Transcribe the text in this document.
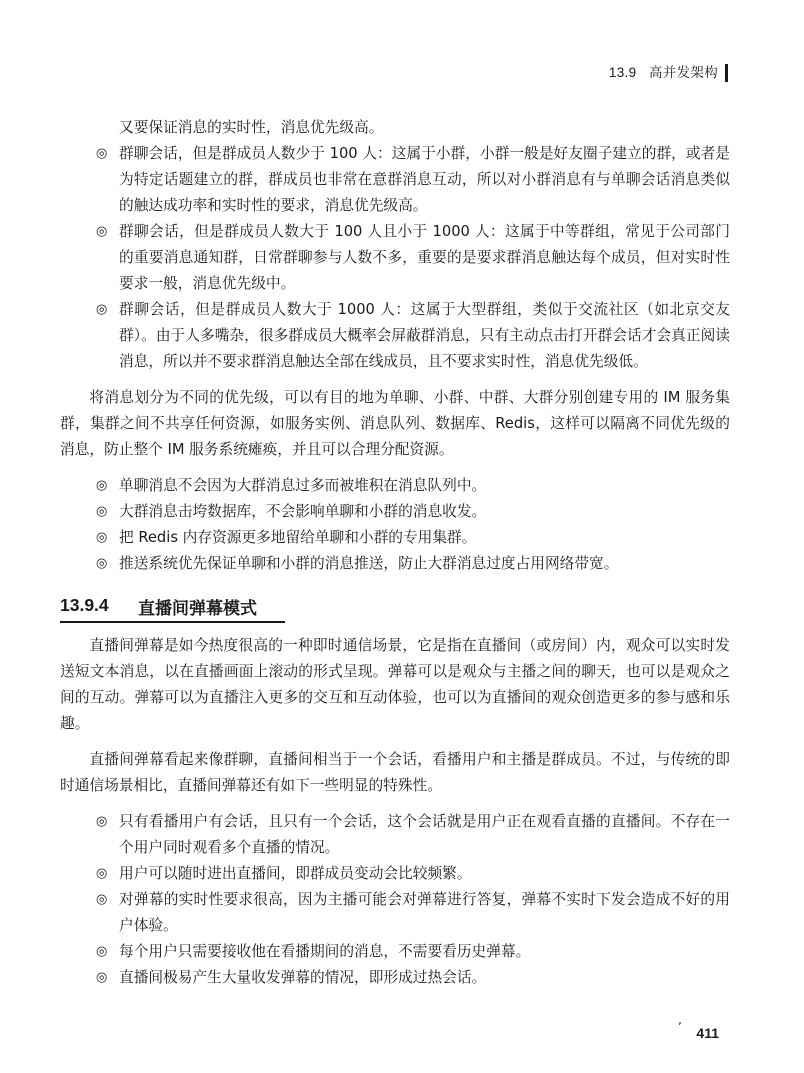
13.9 高并发架构

又要保证消息的实时性，消息优先级高。

◎ 群聊会话，但是群成员人数少于 100 人：这属于小群，小群一般是好友圈子建立的群，或者是为特定话题建立的群，群成员也非常在意群消息互动，所以对小群消息有与单聊会话消息类似的触达成功率和实时性的要求，消息优先级高。
◎ 群聊会话，但是群成员人数大于 100 人且小于 1000 人：这属于中等群组，常见于公司部门的重要消息通知群，日常群聊参与人数不多，重要的是要求群消息触达每个成员，但对实时性要求一般，消息优先级中。
◎ 群聊会话，但是群成员人数大于 1000 人：这属于大型群组，类似于交流社区（如北京交友群）。由于人多嘴杂，很多群成员大概率会屏蔽群消息，只有主动点击打开群会话才会真正阅读消息，所以并不要求群消息触达全部在线成员，且不要求实时性，消息优先级低。

将消息划分为不同的优先级，可以有目的地为单聊、小群、中群、大群分别创建专用的 IM 服务集群，集群之间不共享任何资源，如服务实例、消息队列、数据库、Redis，这样可以隔离不同优先级的消息，防止整个 IM 服务系统瘫痪，并且可以合理分配资源。

◎ 单聊消息不会因为大群消息过多而被堆积在消息队列中。
◎ 大群消息击垮数据库，不会影响单聊和小群的消息收发。
◎ 把 Redis 内存资源更多地留给单聊和小群的专用集群。
◎ 推送系统优先保证单聊和小群的消息推送，防止大群消息过度占用网络带宽。
13.9.4 直播间弹幕模式

直播间弹幕是如今热度很高的一种即时通信场景，它是指在直播间（或房间）内，观众可以实时发送短文本消息，以在直播画面上滚动的形式呈现。弹幕可以是观众与主播之间的聊天，也可以是观众之间的互动。弹幕可以为直播注入更多的交互和互动体验，也可以为直播间的观众创造更多的参与感和乐趣。

直播间弹幕看起来像群聊，直播间相当于一个会话，看播用户和主播是群成员。不过，与传统的即时通信场景相比，直播间弹幕还有如下一些明显的特殊性。

◎ 只有看播用户有会话，且只有一个会话，这个会话就是用户正在观看直播的直播间。不存在一个用户同时观看多个直播的情况。
◎ 用户可以随时进出直播间，即群成员变动会比较频繁。
◎ 对弹幕的实时性要求很高，因为主播可能会对弹幕进行答复，弹幕不实时下发会造成不好的用户体验。
◎ 每个用户只需要接收他在看播期间的消息，不需要看历史弹幕。
◎ 直播间极易产生大量收发弹幕的情况，即形成过热会话。
ʼ 411
